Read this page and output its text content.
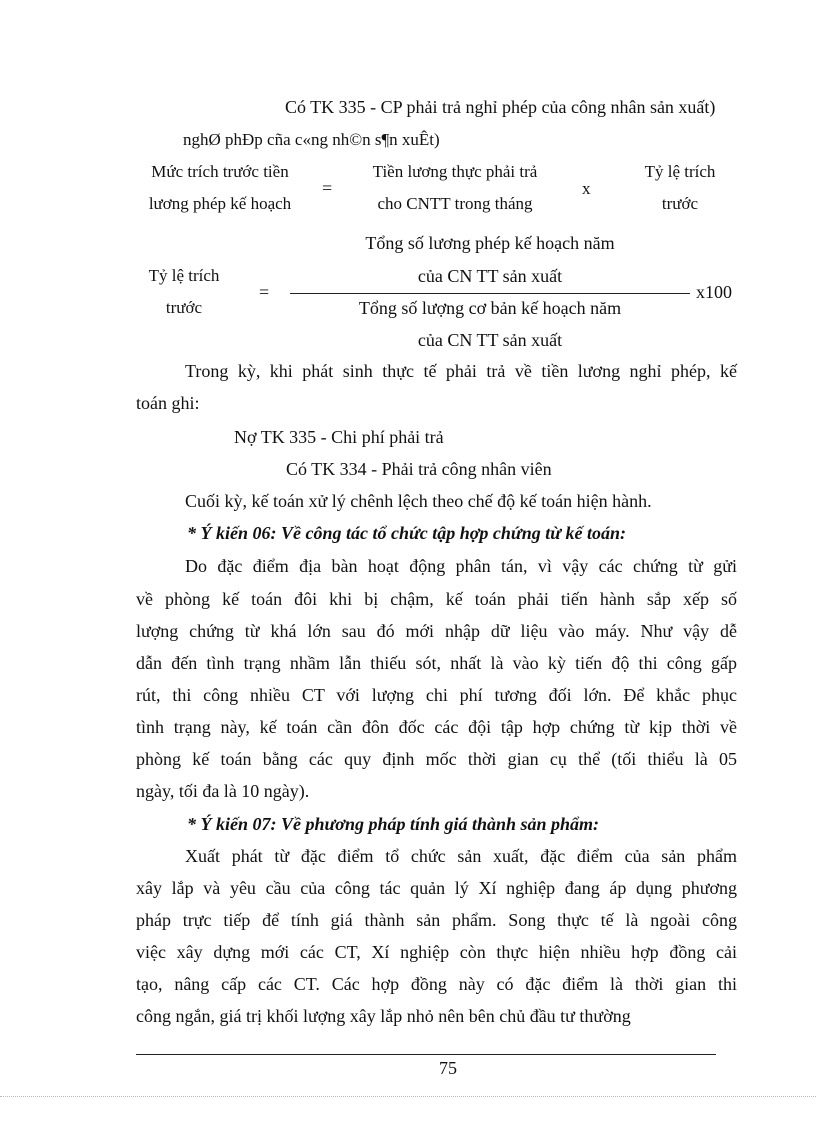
Có TK 335 - CP phải trả nghỉ phép của công nhân sản xuất)
nghØ phÐp cña c«ng nh©n s¶n xuÊt)
Mức trích trước tiền
lương phép kế hoạch
=
Tiền lương thực phải trả
cho CNTT trong tháng
x
Tỷ lệ trích
trước
Tổng số lương phép kế hoạch năm
Tỷ lệ trích	của CN TT sản xuất
=	x100
trước	Tổng số lượng cơ bản kế hoạch năm
của CN TT sản xuất
Trong kỳ, khi phát sinh thực tế phải trả về tiền lương nghỉ phép, kế
toán ghi:
Nợ TK 335 - Chi phí phải trả
Có TK 334 - Phải trả công nhân viên
Cuối kỳ, kế toán xử lý chênh lệch theo chế độ kế toán hiện hành.
* Ý kiến 06: Về công tác tổ chức tập hợp chứng từ kế toán:
Do đặc điểm địa bàn hoạt động phân tán, vì vậy các chứng từ gửi
về phòng kế toán đôi khi bị chậm, kế toán phải tiến hành sắp xếp số
lượng chứng từ khá lớn sau đó mới nhập dữ liệu vào máy. Như vậy dễ
dẫn đến tình trạng nhầm lẫn thiếu sót, nhất là vào kỳ tiến độ thi công gấp
rút, thi công nhiều CT với lượng chi phí tương đối lớn. Để khắc phục
tình trạng này, kế toán cần đôn đốc các đội tập hợp chứng từ kịp thời về
phòng kế toán bằng các quy định mốc thời gian cụ thể (tối thiểu là 05
ngày, tối đa là 10 ngày).
* Ý kiến 07: Về phương pháp tính giá thành sản phẩm:
Xuất phát từ đặc điểm tổ chức sản xuất, đặc điểm của sản phẩm
xây lắp và yêu cầu của công tác quản lý Xí nghiệp đang áp dụng phương
pháp trực tiếp để tính giá thành sản phẩm. Song thực tế là ngoài công
việc xây dựng mới các CT, Xí nghiệp còn thực hiện nhiều hợp đồng cải
tạo, nâng cấp các CT. Các hợp đồng này có đặc điểm là thời gian thi
công ngắn, giá trị khối lượng xây lắp nhỏ nên bên chủ đầu tư thường
75
